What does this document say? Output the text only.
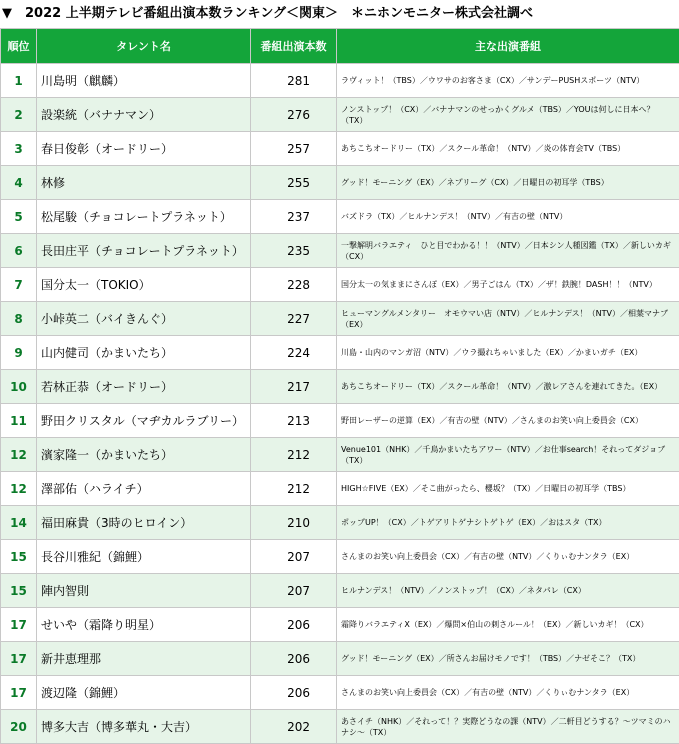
▼　2022 上半期テレビ番組出演本数ランキング＜関東＞　＊ニホンモニター株式会社調べ
順位	タレント名	番組出演本数	主な出演番組
1	川島明（麒麟）	281	ラヴィット！（TBS）／ウワサのお客さま（CX）／サンデーPUSHスポーツ（NTV）
2	設楽統（バナナマン）	276	ノンストップ！（CX）／バナナマンのせっかくグルメ（TBS）／YOUは何しに日本へ？（TX）
3	春日俊彰（オードリー）	257	あちこちオードリー（TX）／スクール革命！（NTV）／炎の体育会TV（TBS）
4	林修	255	グッド！モーニング（EX）／ネプリーグ（CX）／日曜日の初耳学（TBS）
5	松尾駿（チョコレートプラネット）	237	バズドラ（TX）／ヒルナンデス！（NTV）／有吉の壁（NTV）
6	長田庄平（チョコレートプラネット）	235	一撃解明バラエティ　ひと目でわかる！！（NTV）／日本シン人種図鑑（TX）／新しいカギ（CX）
7	国分太一（TOKIO）	228	国分太一の気ままにさんぽ（EX）／男子ごはん（TX）／ザ！鉄腕！DASH！！（NTV）
8	小峠英二（バイきんぐ）	227	ヒューマングルメンタリー　オモウマい店（NTV）／ヒルナンデス！（NTV）／相葉マナブ（EX）
9	山内健司（かまいたち）	224	川島・山内のマンガ沼（NTV）／ウラ撮れちゃいました（EX）／かまいガチ（EX）
10	若林正恭（オードリー）	217	あちこちオードリー（TX）／スクール革命！（NTV）／激レアさんを連れてきた。（EX）
11	野田クリスタル（マヂカルラブリー）	213	野田レーザーの逆算（EX）／有吉の壁（NTV）／さんまのお笑い向上委員会（CX）
12	濱家隆一（かまいたち）	212	Venue101（NHK）／千鳥かまいたちアワー（NTV）／お仕事search！それってダジョブ（TX）
12	澤部佑（ハライチ）	212	HIGH☆FIVE（EX）／そこ曲がったら、櫻坂？（TX）／日曜日の初耳学（TBS）
14	福田麻貴（3時のヒロイン）	210	ポップUP！（CX）／トゲアリトゲナシトゲトゲ（EX）／おはスタ（TX）
15	長谷川雅紀（錦鯉）	207	さんまのお笑い向上委員会（CX）／有吉の壁（NTV）／くりぃむナンタラ（EX）
15	陣内智則	207	ヒルナンデス！（NTV）／ノンストップ！（CX）／ネタパレ（CX）
17	せいや（霜降り明星）	206	霜降りバラエティX（EX）／爆問×伯山の刺さルール！（EX）／新しいカギ！（CX）
17	新井恵理那	206	グッド！モーニング（EX）／所さんお届けモノです！（TBS）／ナゼそこ？（TX）
17	渡辺隆（錦鯉）	206	さんまのお笑い向上委員会（CX）／有吉の壁（NTV）／くりぃむナンタラ（EX）
20	博多大吉（博多華丸・大吉）	202	あさイチ（NHK）／それって！？実際どうなの課（NTV）／二軒目どうする？～ツマミのハナシ～（TX）
